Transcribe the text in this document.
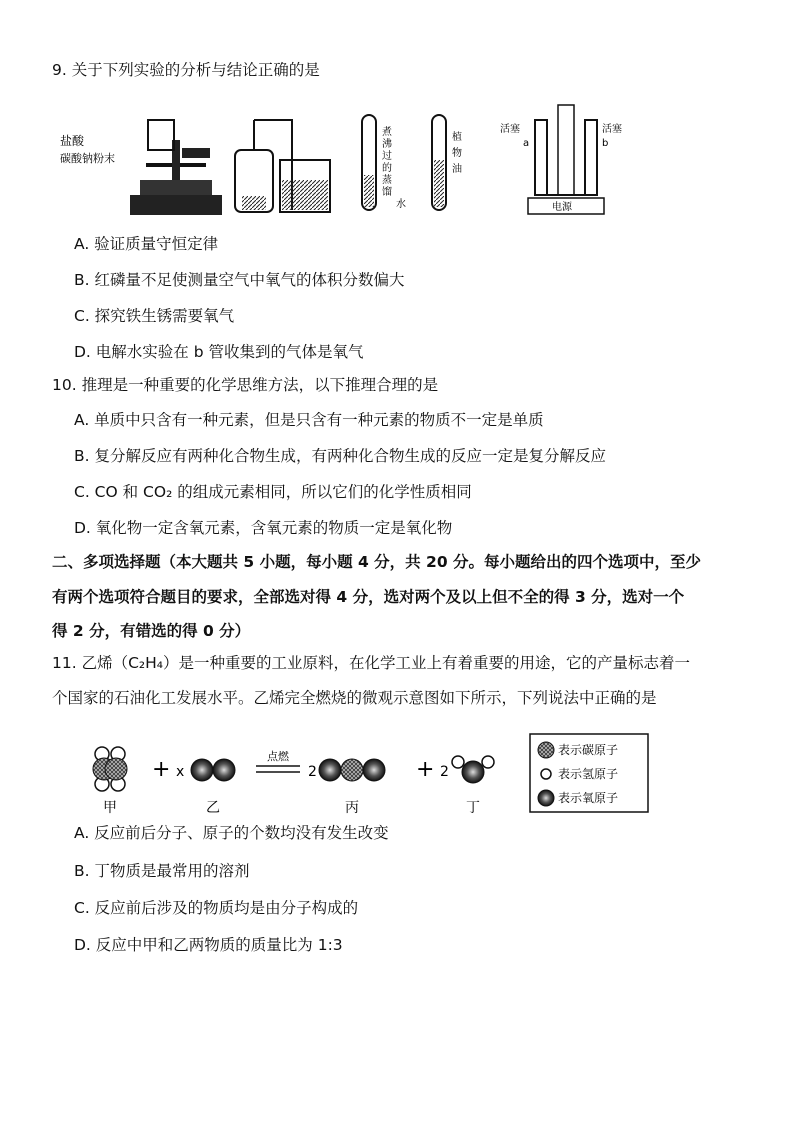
9. 关于下列实验的分析与结论正确的是
盐酸
碳酸钠粉末
煮
沸
过
的
蒸
馏
水
植
物
油
电源
活塞	活塞
a	b
A. 验证质量守恒定律
B. 红磷量不足使测量空气中氧气的体积分数偏大
C. 探究铁生锈需要氧气
D. 电解水实验在 b 管收集到的气体是氧气
10. 推理是一种重要的化学思维方法，以下推理合理的是
A. 单质中只含有一种元素，但是只含有一种元素的物质不一定是单质
B. 复分解反应有两种化合物生成，有两种化合物生成的反应一定是复分解反应
C. CO 和 CO₂ 的组成元素相同，所以它们的化学性质相同
D. 氧化物一定含氧元素，含氧元素的物质一定是氧化物
二、多项选择题（本大题共 5 小题，每小题 4 分，共 20 分。每小题给出的四个选项中，至少
有两个选项符合题目的要求，全部选对得 4 分，选对两个及以上但不全的得 3 分，选对一个
得 2 分，有错选的得 0 分）
11. 乙烯（C₂H₄）是一种重要的工业原料，在化学工业上有着重要的用途，它的产量标志着一
个国家的石油化工发展水平。乙烯完全燃烧的微观示意图如下所示，下列说法中正确的是
甲
+ x
乙
点燃
2
丙
+ 2
丁
表示碳原子
表示氢原子
表示氧原子
A. 反应前后分子、原子的个数均没有发生改变
B. 丁物质是最常用的溶剂
C. 反应前后涉及的物质均是由分子构成的
D. 反应中甲和乙两物质的质量比为 1:3
